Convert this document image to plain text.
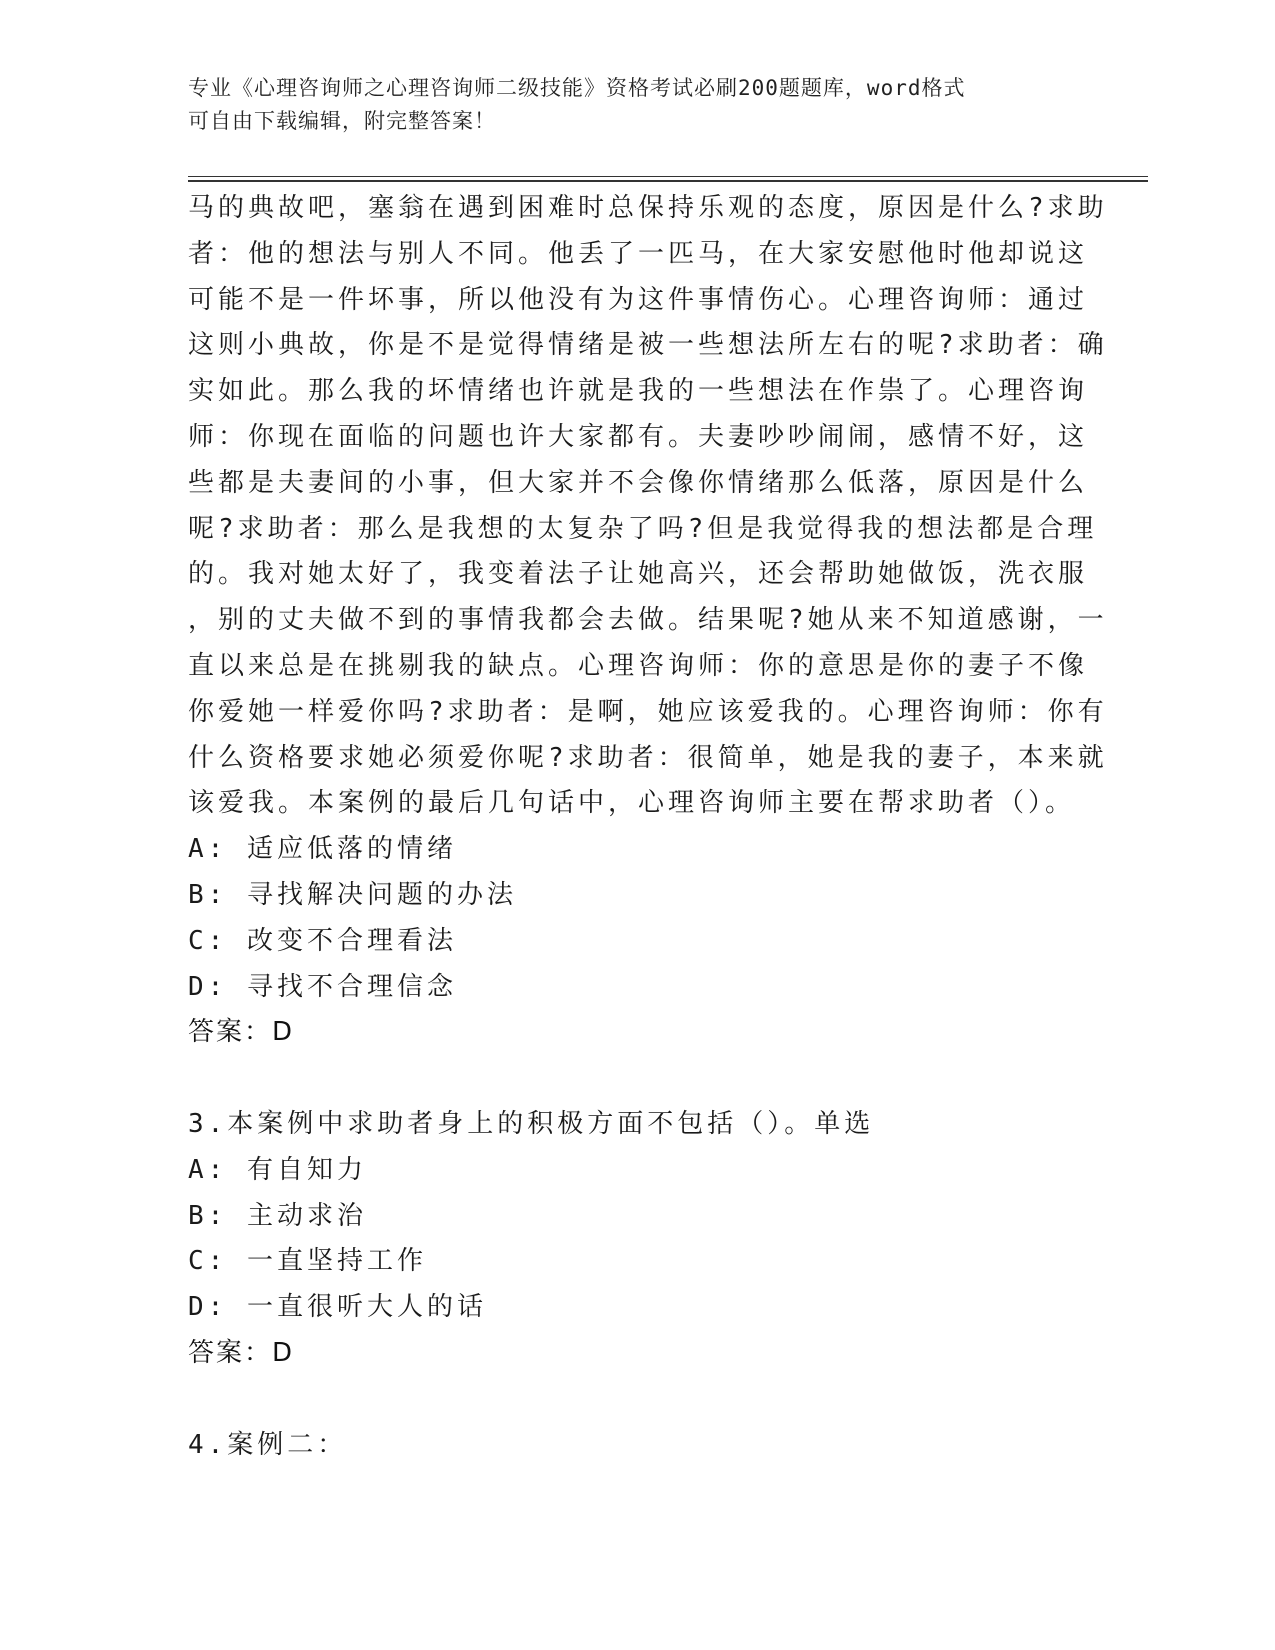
专业《心理咨询师之心理咨询师二级技能》资格考试必刷200题题库，word格式
可自由下载编辑，附完整答案！
马的典故吧，塞翁在遇到困难时总保持乐观的态度，原因是什么?求助
者：他的想法与别人不同。他丢了一匹马，在大家安慰他时他却说这
可能不是一件坏事，所以他没有为这件事情伤心。心理咨询师：通过
这则小典故，你是不是觉得情绪是被一些想法所左右的呢?求助者：确
实如此。那么我的坏情绪也许就是我的一些想法在作祟了。心理咨询
师：你现在面临的问题也许大家都有。夫妻吵吵闹闹，感情不好，这
些都是夫妻间的小事，但大家并不会像你情绪那么低落，原因是什么
呢?求助者：那么是我想的太复杂了吗?但是我觉得我的想法都是合理
的。我对她太好了，我变着法子让她高兴，还会帮助她做饭，洗衣服
，别的丈夫做不到的事情我都会去做。结果呢?她从来不知道感谢，一
直以来总是在挑剔我的缺点。心理咨询师：你的意思是你的妻子不像
你爱她一样爱你吗?求助者：是啊，她应该爱我的。心理咨询师：你有
什么资格要求她必须爱你呢?求助者：很简单，她是我的妻子，本来就
该爱我。本案例的最后几句话中，心理咨询师主要在帮求助者（）。
A: 适应低落的情绪
B: 寻找解决问题的办法
C: 改变不合理看法
D: 寻找不合理信念
答案：D
3.本案例中求助者身上的积极方面不包括（）。单选
A: 有自知力
B: 主动求治
C: 一直坚持工作
D: 一直很听大人的话
答案：D
4.案例二：
